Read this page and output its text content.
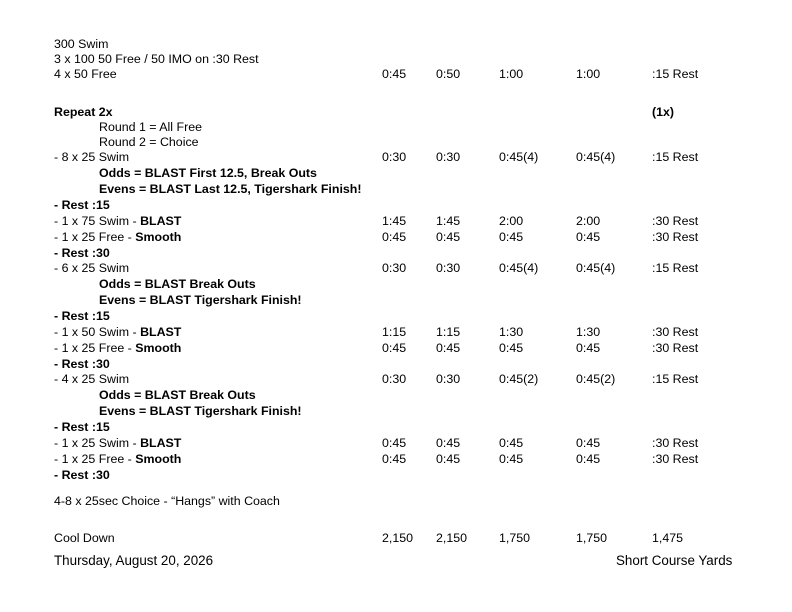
300 Swim
3 x 100 50 Free / 50 IMO on :30 Rest
4 x 50 Free	0:45 0:50	1:00	1:00	:15 Rest
Repeat 2x	(1x)
Round 1 = All Free
Round 2 = Choice
- 8 x 25 Swim	0:30 0:30	0:45(4)	0:45(4)	:15 Rest
Odds = BLAST First 12.5, Break Outs
Evens = BLAST Last 12.5, Tigershark Finish!
- Rest :15
- 1 x 75 Swim - BLAST	1:45 1:45	2:00	2:00	:30 Rest
- 1 x 25 Free - Smooth	0:45 0:45	0:45	0:45	:30 Rest
- Rest :30
- 6 x 25 Swim	0:30 0:30	0:45(4)	0:45(4)	:15 Rest
Odds = BLAST Break Outs
Evens = BLAST Tigershark Finish!
- Rest :15
- 1 x 50 Swim - BLAST	1:15 1:15	1:30	1:30	:30 Rest
- 1 x 25 Free - Smooth	0:45 0:45	0:45	0:45	:30 Rest
- Rest :30
- 4 x 25 Swim	0:30 0:30	0:45(2)	0:45(2)	:15 Rest
Odds = BLAST Break Outs
Evens = BLAST Tigershark Finish!
- Rest :15
- 1 x 25 Swim - BLAST	0:45 0:45	0:45	0:45	:30 Rest
- 1 x 25 Free - Smooth	0:45 0:45	0:45	0:45	:30 Rest
- Rest :30
4-8 x 25sec Choice - “Hangs” with Coach
Cool Down	2,150 2,150	1,750	1,750	1,475
Thursday, August 20, 2026	Short Course Yards
